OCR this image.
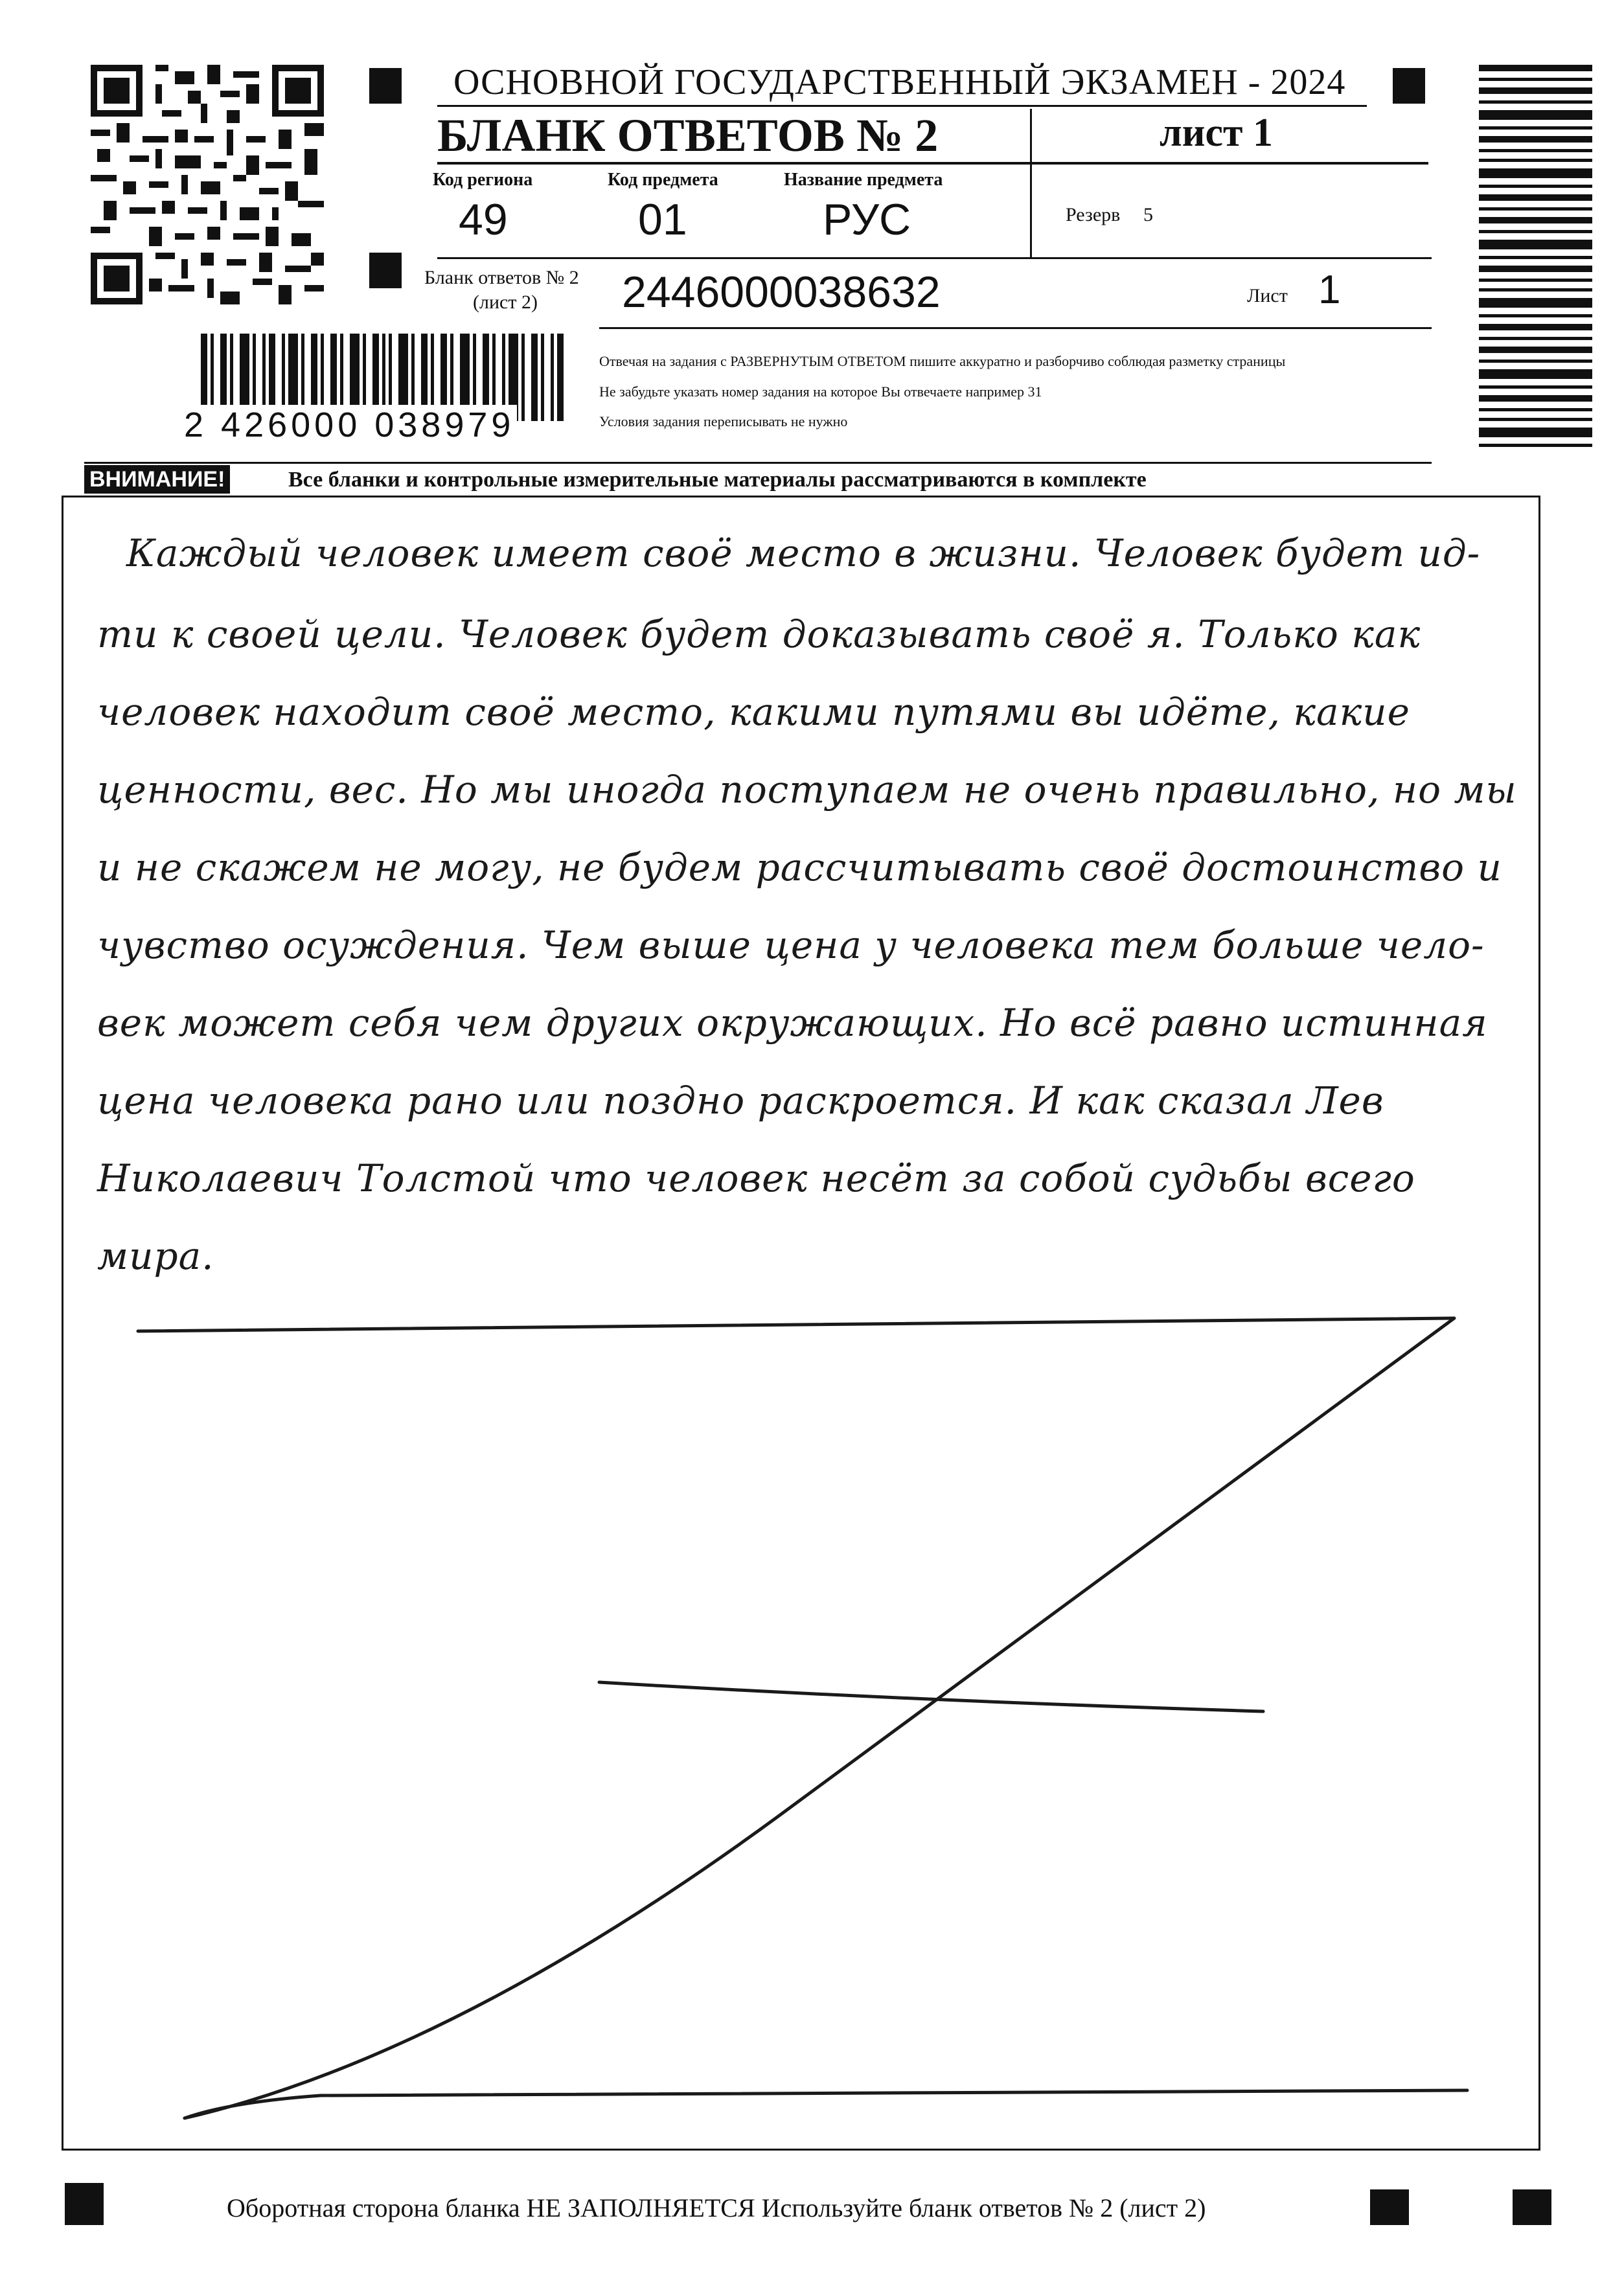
ОСНОВНОЙ ГОСУДАРСТВЕННЫЙ ЭКЗАМЕН - 2024
БЛАНК ОТВЕТОВ № 2	лист 1
Код региона
49
Код предмета
01
Название предмета
РУС	Резерв 5
Бланк ответов № 2
(лист 2) 2446000038632	Лист 1
2 426000 038979
Отвечая на задания с РАЗВЕРНУТЫМ ОТВЕТОМ пишите аккуратно и разборчиво соблюдая разметку страницы
Не забудьте указать номер задания на которое Вы отвечаете например 31
Условия задания переписывать не нужно
ВНИМАНИЕ!	Все бланки и контрольные измерительные материалы рассматриваются в комплекте
Каждый человек имеет своё место в жизни. Человек будет ид-
ти к своей цели. Человек будет доказывать своё я. Только как
человек находит своё место, какими путями вы идёте, какие
ценности, вес. Но мы иногда поступаем не очень правильно, но мы
и не скажем не могу, не будем рассчитывать своё достоинство и
чувство осуждения. Чем выше цена у человека тем больше чело-
век может себя чем других окружающих. Но всё равно истинная
цена человека рано или поздно раскроется. И как сказал Лев
Николаевич Толстой что человек несёт за собой судьбы всего
мира.
Оборотная сторона бланка НЕ ЗАПОЛНЯЕТСЯ Используйте бланк ответов № 2 (лист 2)
